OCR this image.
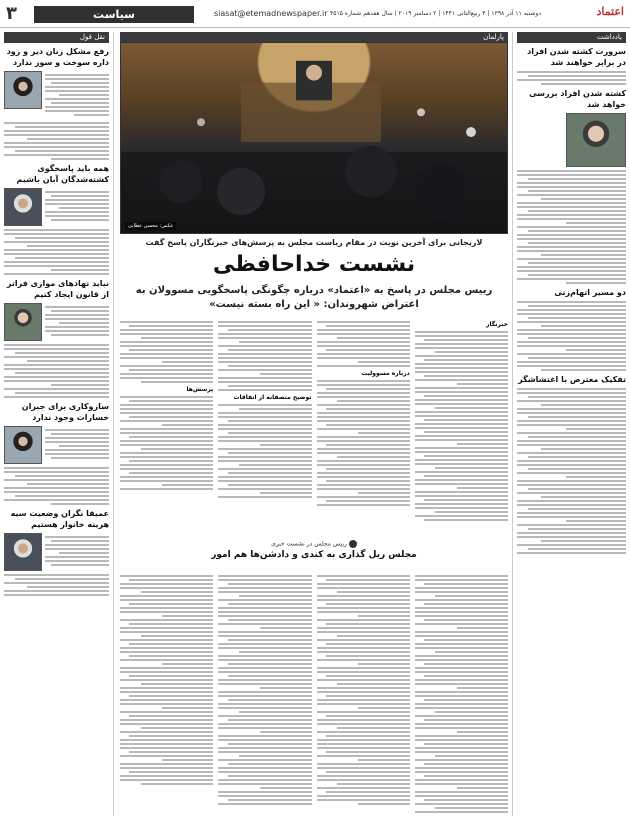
۳	سیاست	siasat@etemadnewspaper.ir دوشنبه ۱۱ آذر ۱۳۹۸ | ۴ ربیع‌الثانی ۱۴۴۱ | ۲ دسامبر ۲۰۱۹ | سال هفدهم شماره ۴۵۱۵	اعتماد
یادداشت
سرورت کشته شدن افراد در برابر خواهند شد
کشته شدن افراد بررسی خواهد شد
دو مسیر اتهام‌زنی
تفکیک معترض با اغتشاشگر
نقل قول
رفع مشکل زنان دیر و زود داره سوخت و سوز ندارد
همه باید پاسخگوی کشته‌شدگان آبان باشیم
نباید نهادهای موازی فراتر از قانون ایجاد کنیم
سازوکاری برای جبران خسارات وجود ندارد
عمیقا نگران وضعیت سیه هرینه خانوار هستیم
پارلمان
عکس: محسن عطایی
لاریجانی برای آخرین نوبت در مقام ریاست مجلس به پرسش‌های خبرنگاران پاسخ گفت
نشست خداحافظی
رییس مجلس در پاسخ به «اعتماد» درباره چگونگی پاسخگویی مسوولان به اعتراض شهروندان: « این راه بسته نیست»
خبرنگار
درباره مسوولیت
توضیح منصفانه از اتفاقات
پرسش‌ها
رییس مجلس در نشست خبری
مجلس ریل گذاری به کندی و دادشن‌ها هم امور
